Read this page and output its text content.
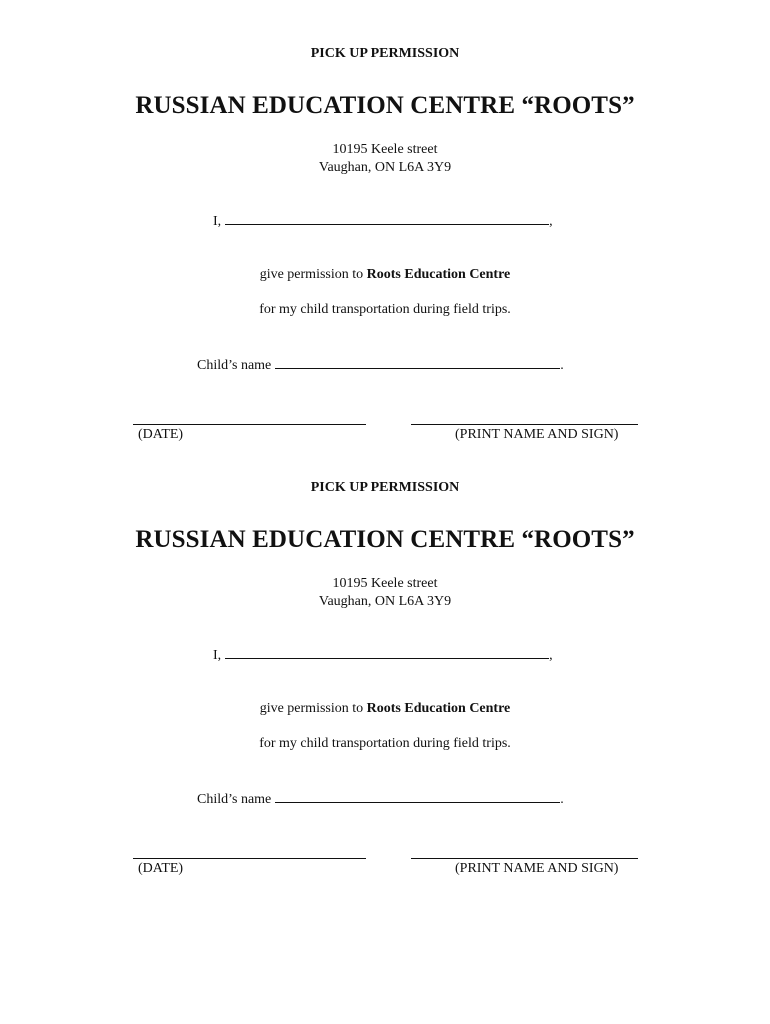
PICK UP PERMISSION
RUSSIAN EDUCATION CENTRE “ROOTS”
10195 Keele street
Vaughan, ON L6A 3Y9
I,	,
give permission to Roots Education Centre
for my child transportation during field trips.
Child’s name	.
(DATE)	(PRINT NAME AND SIGN)
PICK UP PERMISSION
RUSSIAN EDUCATION CENTRE “ROOTS”
10195 Keele street
Vaughan, ON L6A 3Y9
I,	,
give permission to Roots Education Centre
for my child transportation during field trips.
Child’s name	.
(DATE)	(PRINT NAME AND SIGN)
